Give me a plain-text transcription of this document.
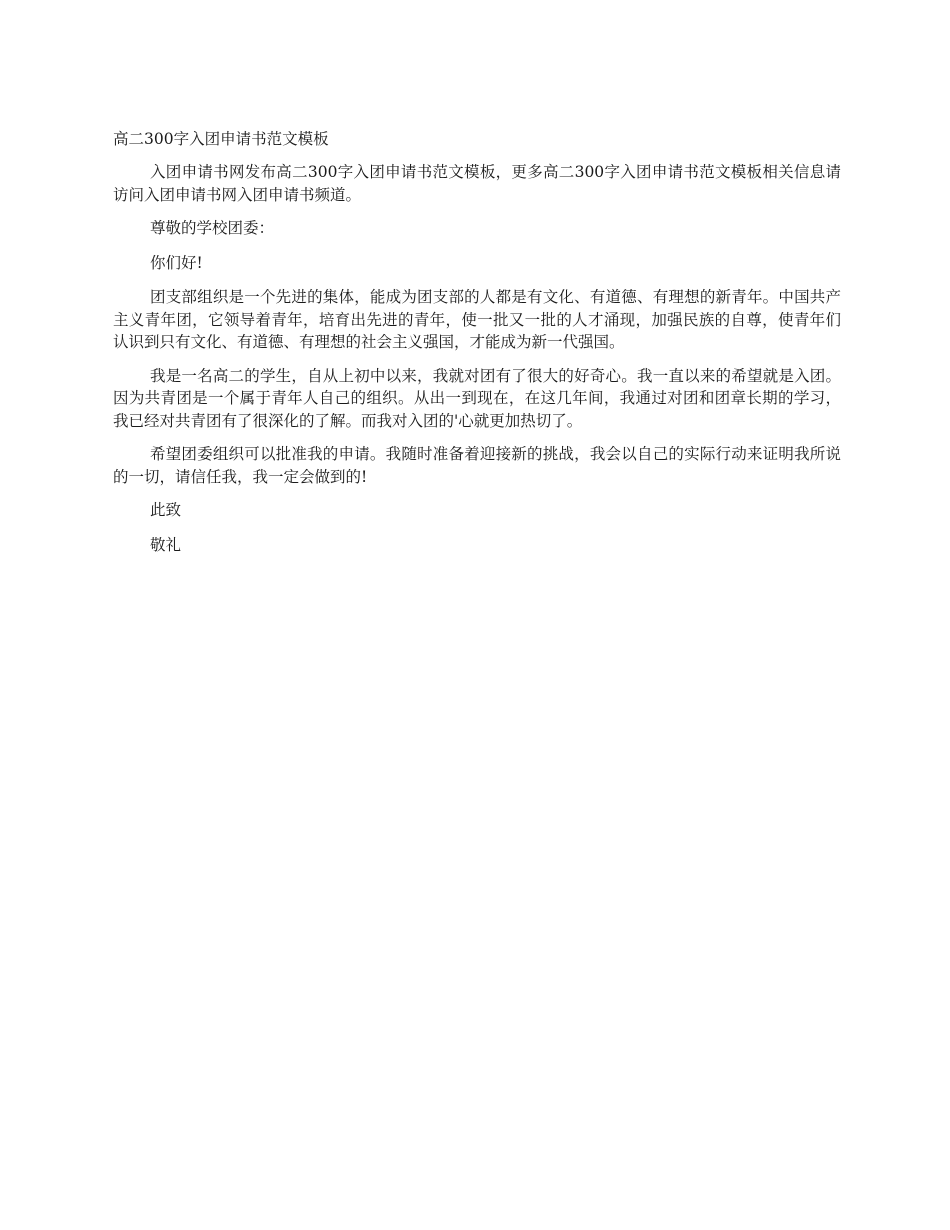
高二300字入团申请书范文模板

入团申请书网发布高二300字入团申请书范文模板，更多高二300字入团申请书范文模板相关信息请访问入团申请书网入团申请书频道。

尊敬的学校团委：

你们好!

团支部组织是一个先进的集体，能成为团支部的人都是有文化、有道德、有理想的新青年。中国共产主义青年团，它领导着青年，培育出先进的青年，使一批又一批的人才涌现，加强民族的自尊，使青年们认识到只有文化、有道德、有理想的社会主义强国，才能成为新一代强国。

我是一名高二的学生，自从上初中以来，我就对团有了很大的好奇心。我一直以来的希望就是入团。因为共青团是一个属于青年人自己的组织。从出一到现在，在这几年间，我通过对团和团章长期的学习，我已经对共青团有了很深化的了解。而我对入团的'心就更加热切了。

希望团委组织可以批准我的申请。我随时准备着迎接新的挑战，我会以自己的实际行动来证明我所说的一切，请信任我，我一定会做到的!

此致

敬礼
